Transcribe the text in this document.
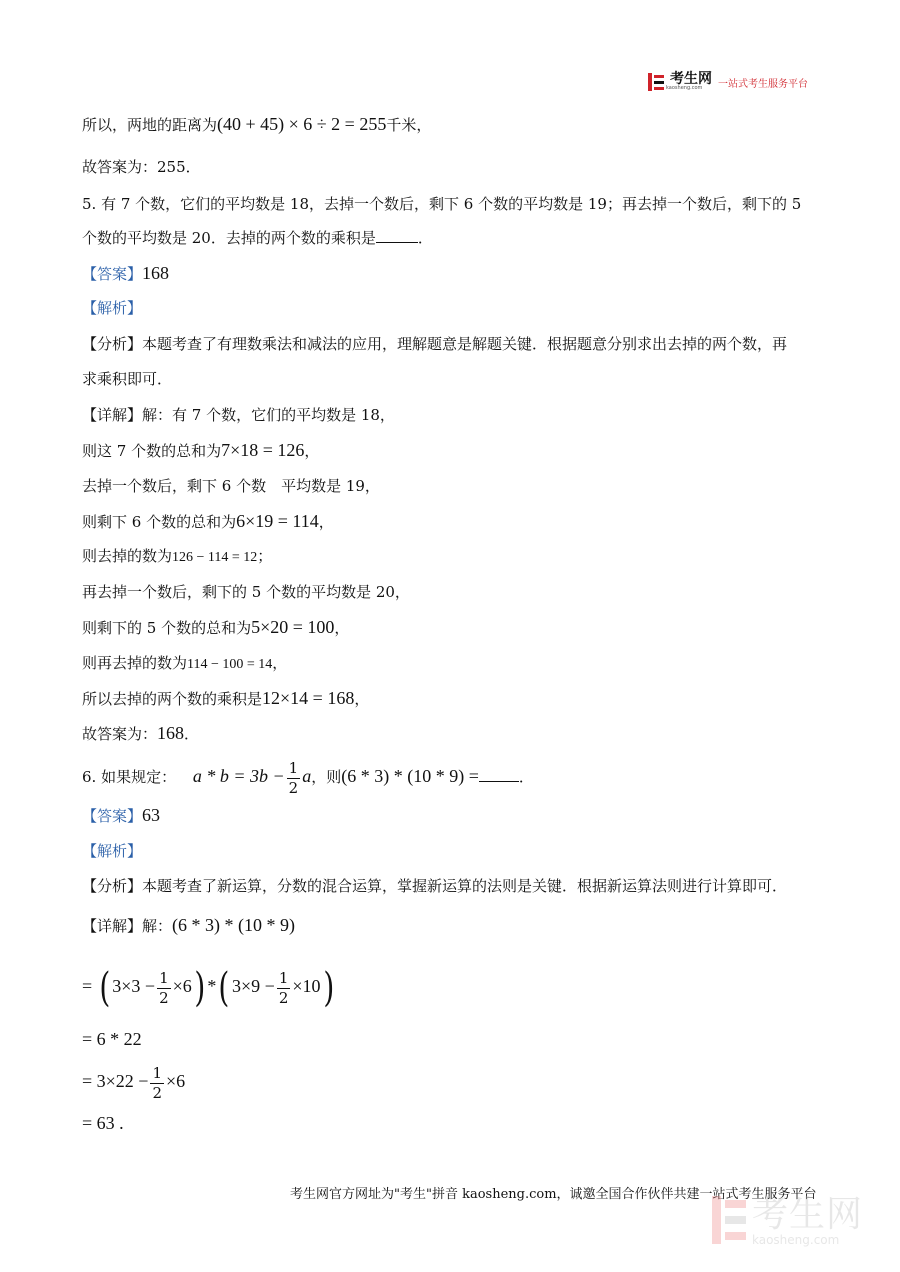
考生网
kaosheng.com	一站式考生服务平台
所以，两地的距离为(40 + 45) × 6 ÷ 2 = 255千米，
故答案为：255．
5. 有 7 个数，它们的平均数是 18，去掉一个数后，剩下 6 个数的平均数是 19；再去掉一个数后，剩下的 5
个数的平均数是 20．去掉的两个数的乘积是	．
【答案】168
【解析】
【分析】本题考查了有理数乘法和减法的应用，理解题意是解题关键．根据题意分别求出去掉的两个数，再
求乘积即可．
【详解】解：有 7 个数，它们的平均数是 18，
则这 7 个数的总和为7×18 = 126，
去掉一个数后，剩下 6 个数　平均数是 19，
则剩下 6 个数的总和为6×19 = 114，
则去掉的数为126 − 114 = 12；
再去掉一个数后，剩下的 5 个数的平均数是 20，
则剩下的 5 个数的总和为5×20 = 100，
则再去掉的数为114 − 100 = 14，
所以去掉的两个数的乘积是12×14 = 168，
故答案为：168．
6. 如果规定： $a * b = 3b - \frac{1}{2}$ a，则(6 * 3) * (10 * 9) =	．
【答案】63
【解析】
【分析】本题考查了新运算，分数的混合运算，掌握新运算的法则是关键．根据新运算法则进行计算即可．
【详解】解：(6 * 3) * (10 * 9)
= ( $3\times 3 - \frac{1}{2} \times 6$) *( $3\times 9 - \frac{1}{2} \times 10$)
= 6 * 22
= $3\times 22 - \frac{1}{2} \times 6$
= 63 .
考生网官方网址为"考生"拼音 kaosheng.com，诚邀全国合作伙伴共建一站式考生服务平台
考生网
kaosheng.com
